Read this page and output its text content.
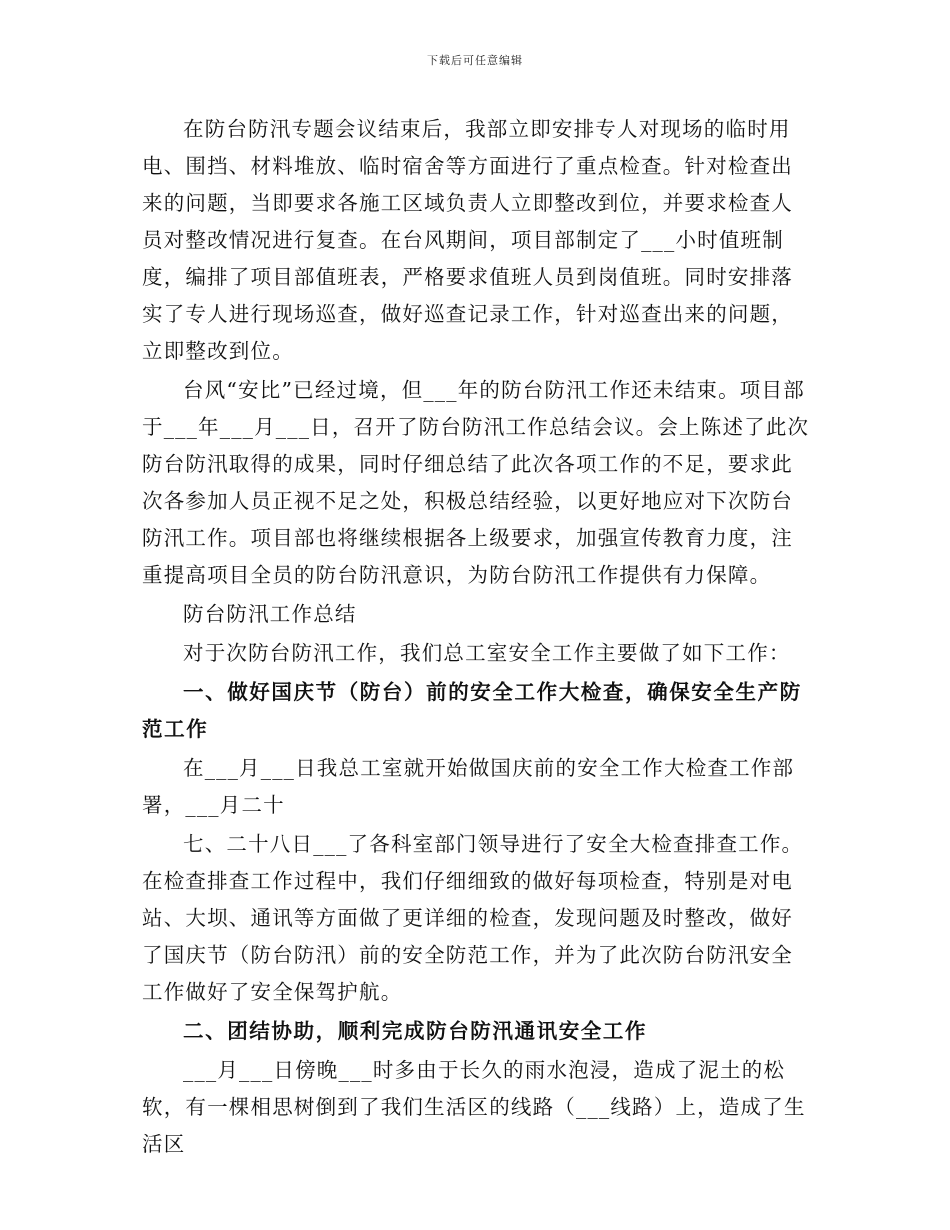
下载后可任意编辑

在防台防汛专题会议结束后，我部立即安排专人对现场的临时用电、围挡、材料堆放、临时宿舍等方面进行了重点检查。针对检查出来的问题，当即要求各施工区域负责人立即整改到位，并要求检查人员对整改情况进行复查。在台风期间，项目部制定了___小时值班制度，编排了项目部值班表，严格要求值班人员到岗值班。同时安排落实了专人进行现场巡查，做好巡查记录工作，针对巡查出来的问题，立即整改到位。

台风“安比”已经过境，但___年的防台防汛工作还未结束。项目部于___年___月___日，召开了防台防汛工作总结会议。会上陈述了此次防台防汛取得的成果，同时仔细总结了此次各项工作的不足，要求此次各参加人员正视不足之处，积极总结经验，以更好地应对下次防台防汛工作。项目部也将继续根据各上级要求，加强宣传教育力度，注重提高项目全员的防台防汛意识，为防台防汛工作提供有力保障。

防台防汛工作总结

对于次防台防汛工作，我们总工室安全工作主要做了如下工作：

一、做好国庆节（防台）前的安全工作大检查，确保安全生产防范工作

在___月___日我总工室就开始做国庆前的安全工作大检查工作部署，___月二十

七、二十八日___了各科室部门领导进行了安全大检查排查工作。在检查排查工作过程中，我们仔细细致的做好每项检查，特别是对电站、大坝、通讯等方面做了更详细的检查，发现问题及时整改，做好了国庆节（防台防汛）前的安全防范工作，并为了此次防台防汛安全工作做好了安全保驾护航。

二、团结协助，顺利完成防台防汛通讯安全工作

___月___日傍晚___时多由于长久的雨水泡浸，造成了泥土的松软，有一棵相思树倒到了我们生活区的线路（___线路）上，造成了生活区
